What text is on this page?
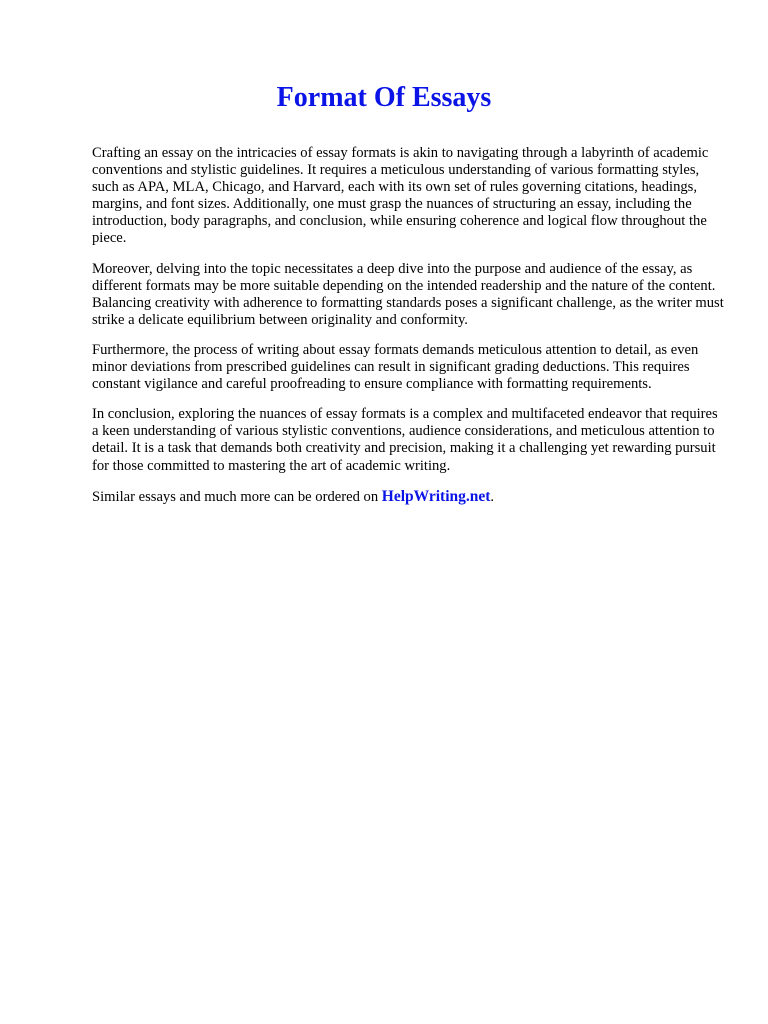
Format Of Essays

Crafting an essay on the intricacies of essay formats is akin to navigating through a labyrinth of academic conventions and stylistic guidelines. It requires a meticulous understanding of various formatting styles, such as APA, MLA, Chicago, and Harvard, each with its own set of rules governing citations, headings, margins, and font sizes. Additionally, one must grasp the nuances of structuring an essay, including the introduction, body paragraphs, and conclusion, while ensuring coherence and logical flow throughout the piece.

Moreover, delving into the topic necessitates a deep dive into the purpose and audience of the essay, as different formats may be more suitable depending on the intended readership and the nature of the content. Balancing creativity with adherence to formatting standards poses a significant challenge, as the writer must strike a delicate equilibrium between originality and conformity.

Furthermore, the process of writing about essay formats demands meticulous attention to detail, as even minor deviations from prescribed guidelines can result in significant grading deductions. This requires constant vigilance and careful proofreading to ensure compliance with formatting requirements.

In conclusion, exploring the nuances of essay formats is a complex and multifaceted endeavor that requires a keen understanding of various stylistic conventions, audience considerations, and meticulous attention to detail. It is a task that demands both creativity and precision, making it a challenging yet rewarding pursuit for those committed to mastering the art of academic writing.

Similar essays and much more can be ordered on HelpWriting.net.
